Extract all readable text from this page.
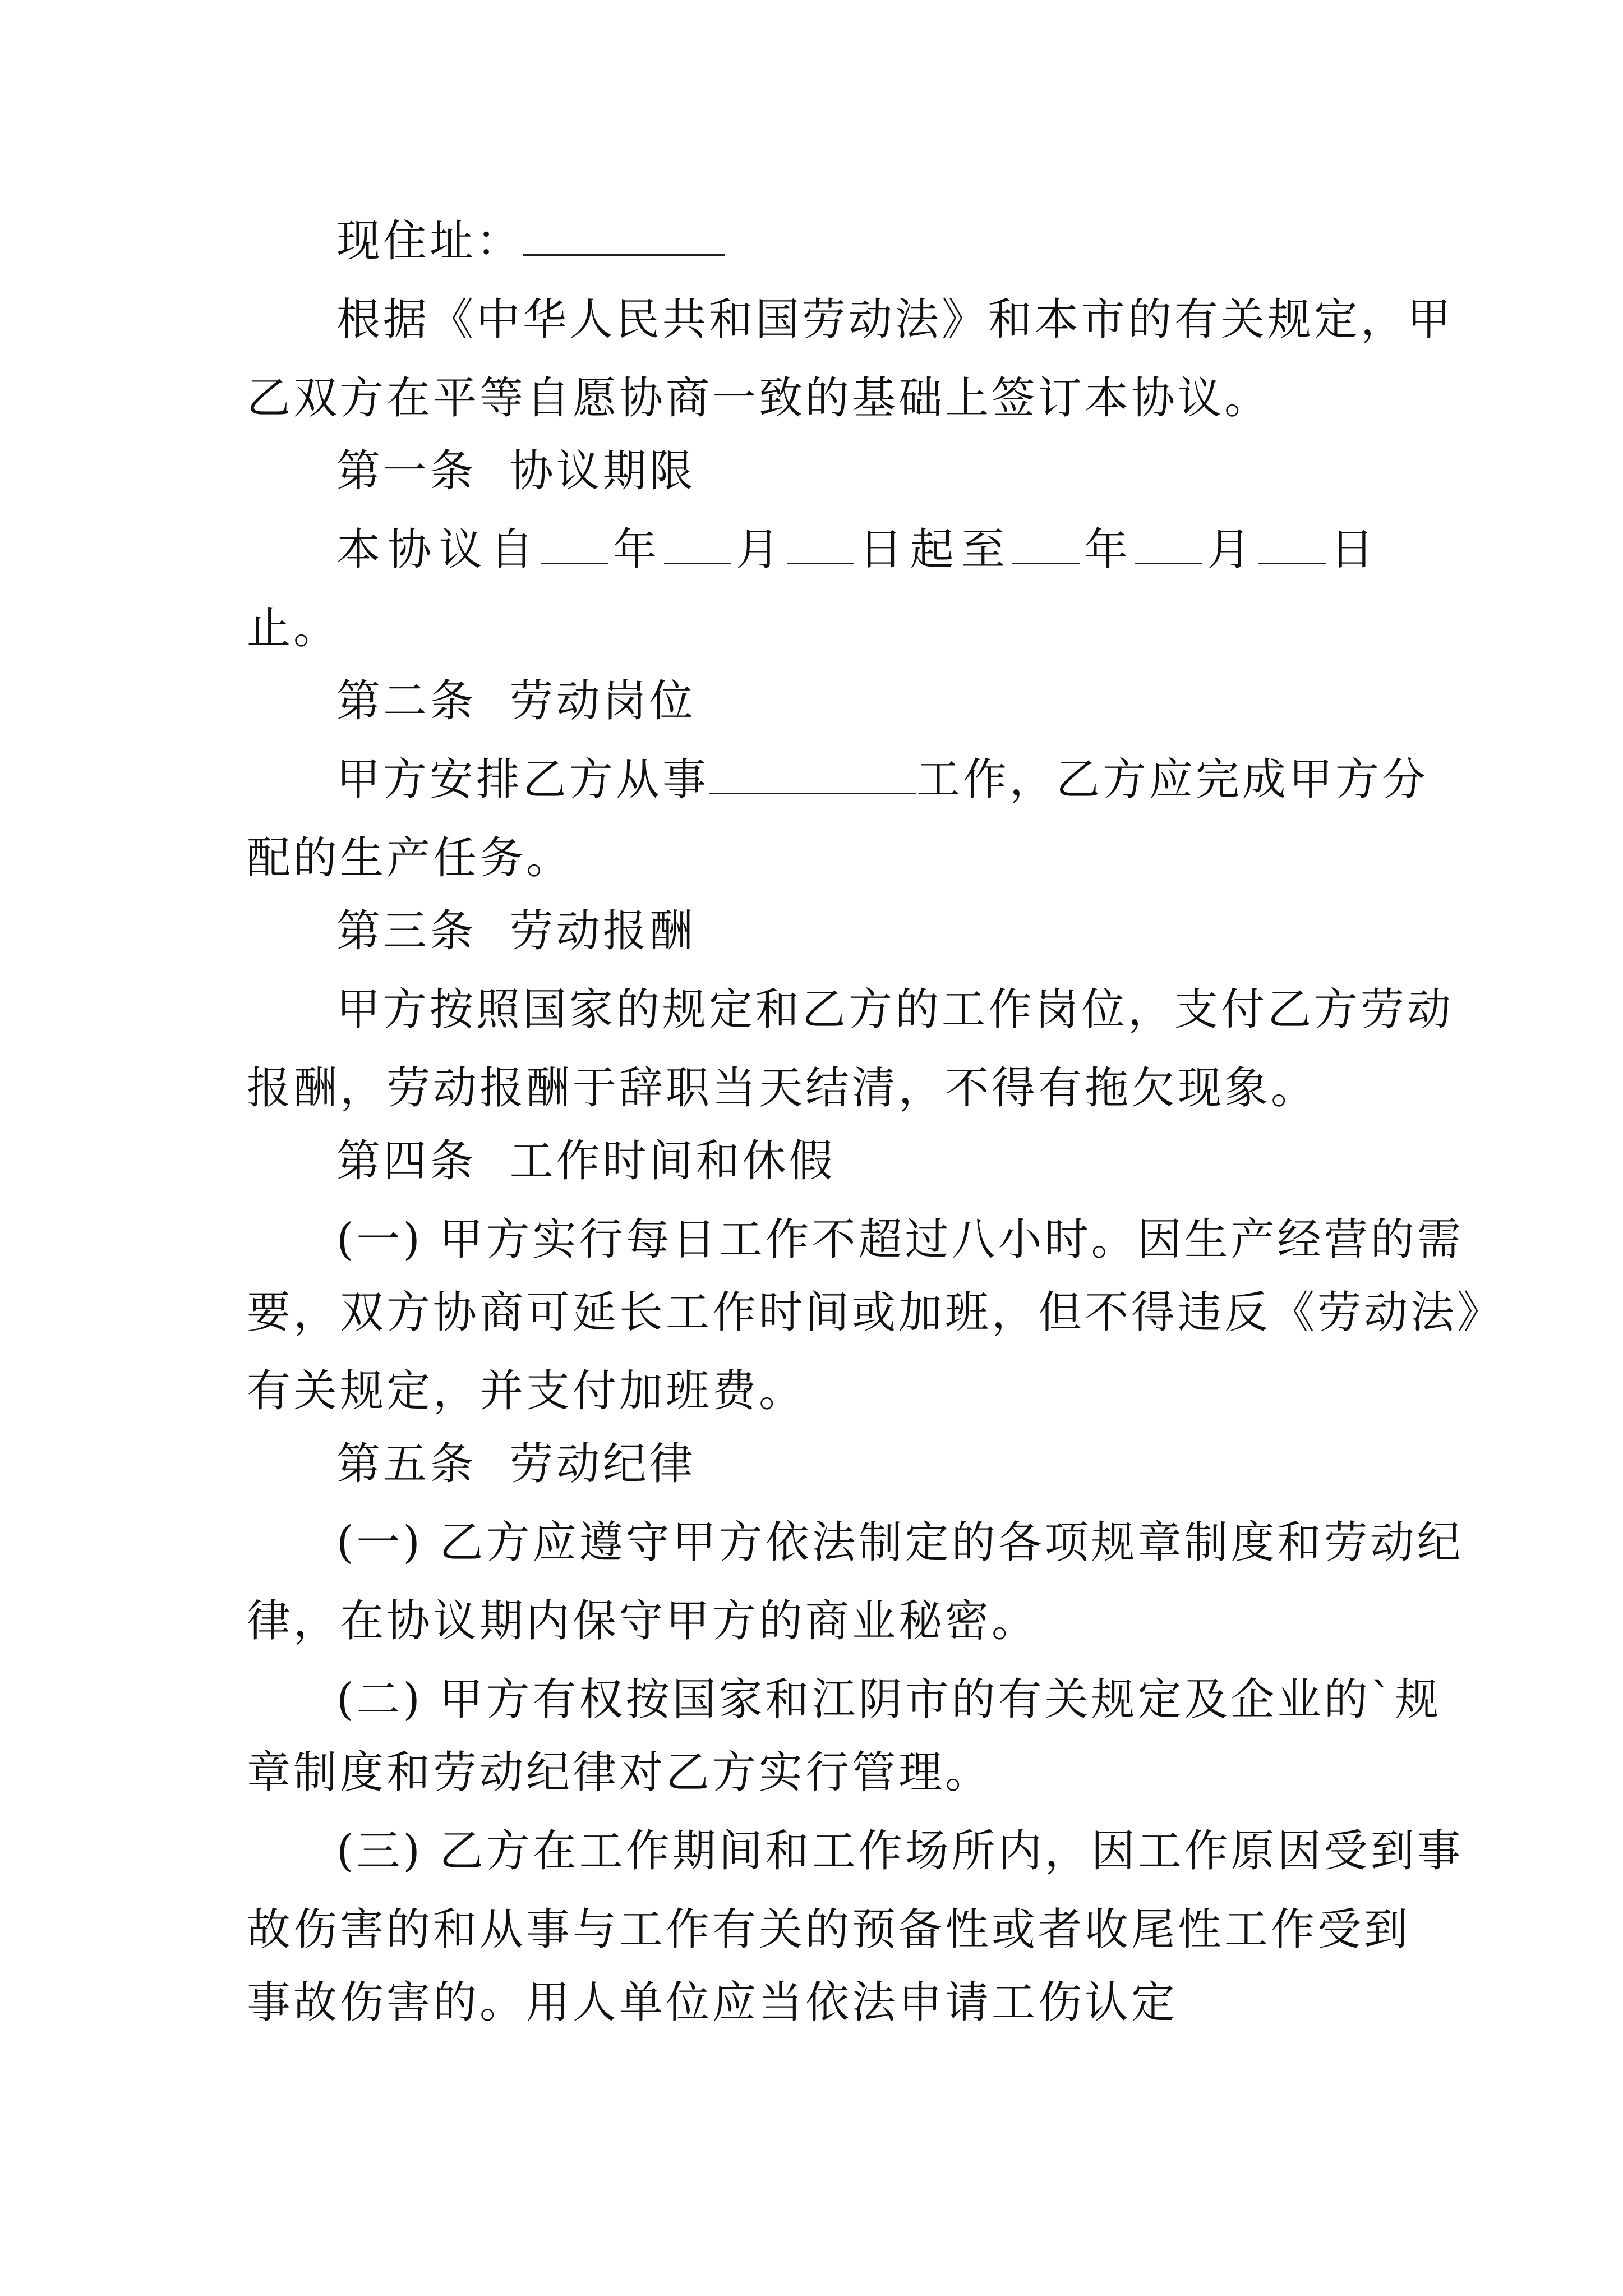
现住址：

根据《中华人民共和国劳动法》和本市的有关规定，甲

乙双方在平等自愿协商一致的基础上签订本协议。

第一条  协议期限

本协议自 年 月 日起至 年 月 日

止。

第二条  劳动岗位

甲方安排乙方从事	工作，乙方应完成甲方分

配的生产任务。

第三条  劳动报酬

甲方按照国家的规定和乙方的工作岗位，支付乙方劳动

报酬，劳动报酬于辞职当天结清，不得有拖欠现象。

第四条  工作时间和休假

(一) 甲方实行每日工作不超过八小时。因生产经营的需

要，双方协商可延长工作时间或加班，但不得违反《劳动法》

有关规定，并支付加班费。

第五条  劳动纪律

(一) 乙方应遵守甲方依法制定的各项规章制度和劳动纪

律，在协议期内保守甲方的商业秘密。

(二) 甲方有权按国家和江阴市的有关规定及企业的`规

章制度和劳动纪律对乙方实行管理。

(三) 乙方在工作期间和工作场所内，因工作原因受到事

故伤害的和从事与工作有关的预备性或者收尾性工作受到

事故伤害的。用人单位应当依法申请工伤认定
